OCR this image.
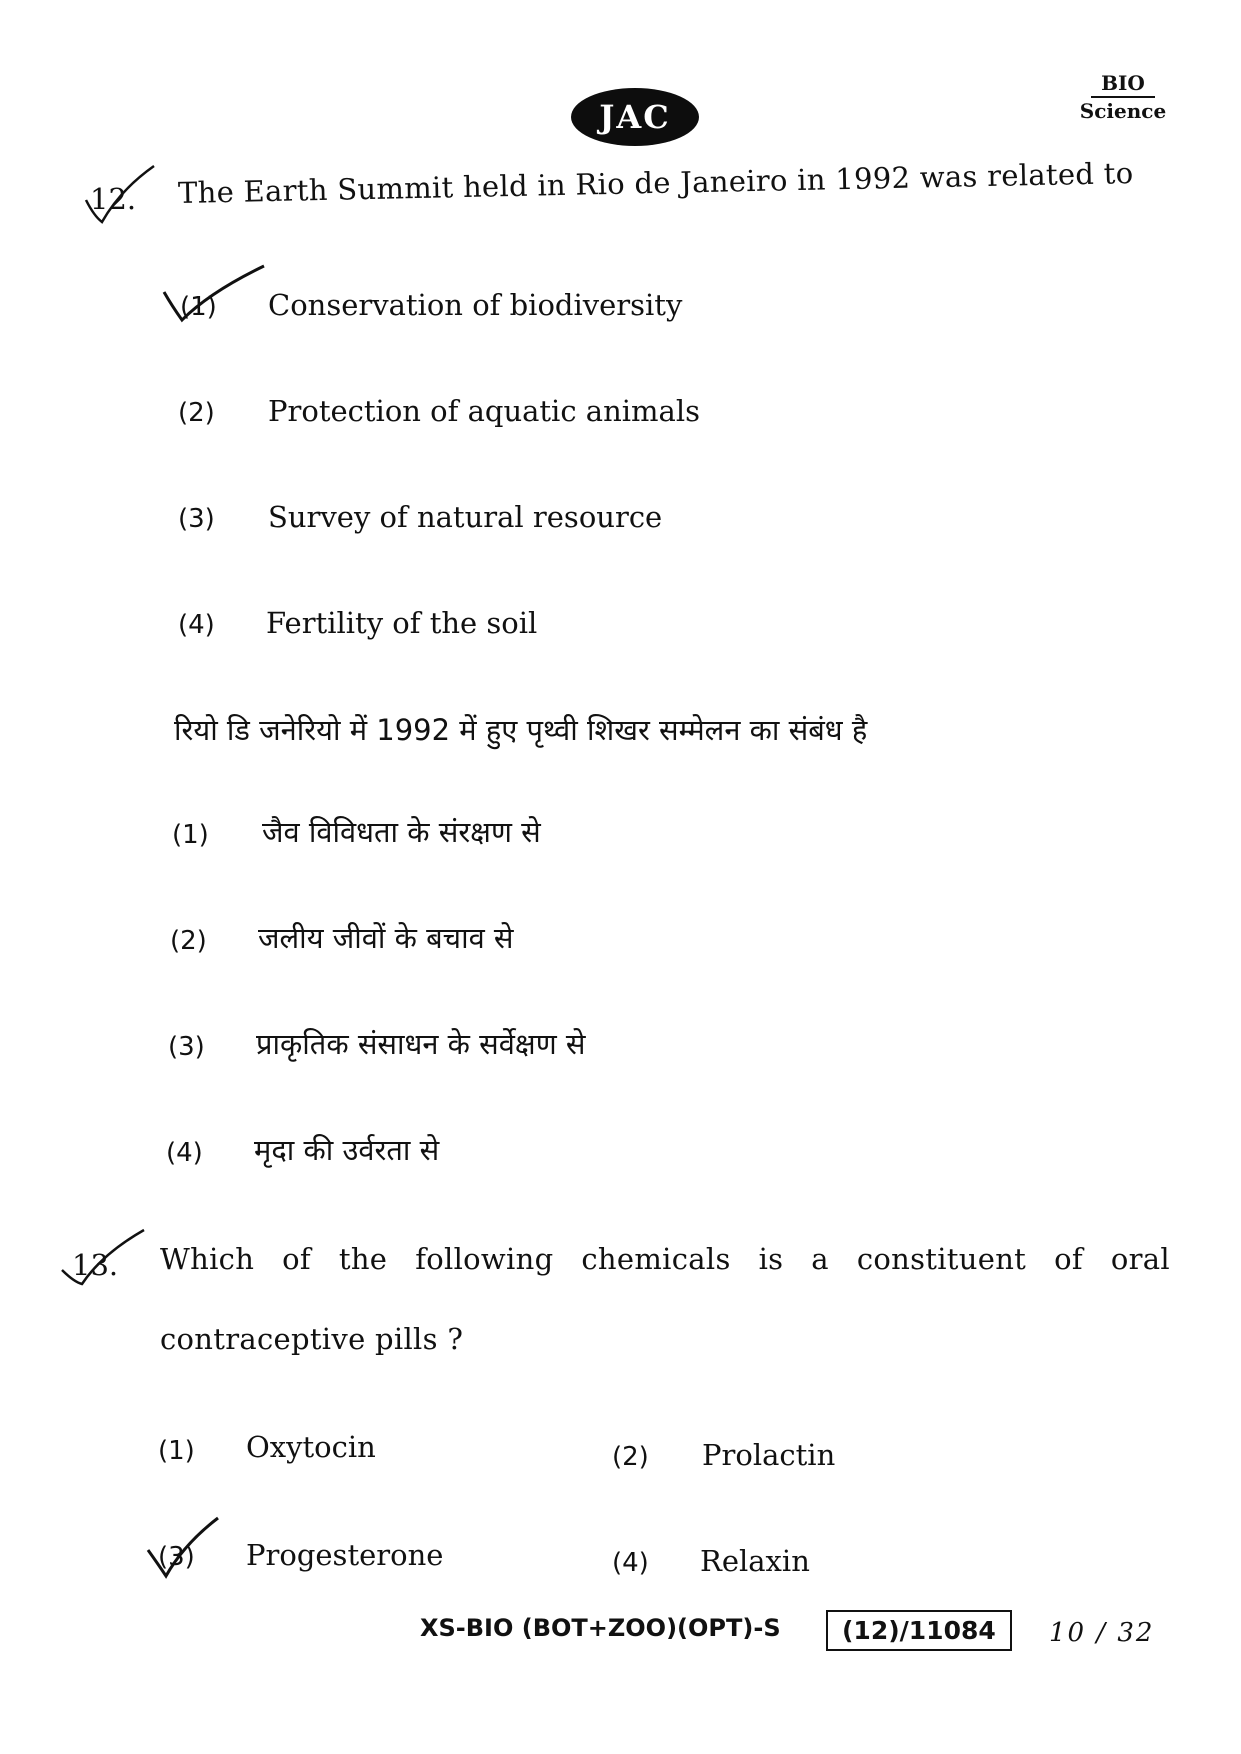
JAC
BIO
Science
12. The Earth Summit held in Rio de Janeiro in 1992 was related to
(1) Conservation of biodiversity
(2) Protection of aquatic animals
(3) Survey of natural resource
(4) Fertility of the soil
रियो डि जनेरियो में 1992 में हुए पृथ्वी शिखर सम्मेलन का संबंध है
(1) जैव विविधता के संरक्षण से
(2) जलीय जीवों के बचाव से
(3) प्राकृतिक संसाधन के सर्वेक्षण से
(4) मृदा की उर्वरता से
13. Which of the following chemicals is a constituent of oral
contraceptive pills ?
(1) Oxytocin	(2) Prolactin
(3) Progesterone	(4) Relaxin
XS-BIO (BOT+ZOO)(OPT)-S	(12)/11084	10 / 32
